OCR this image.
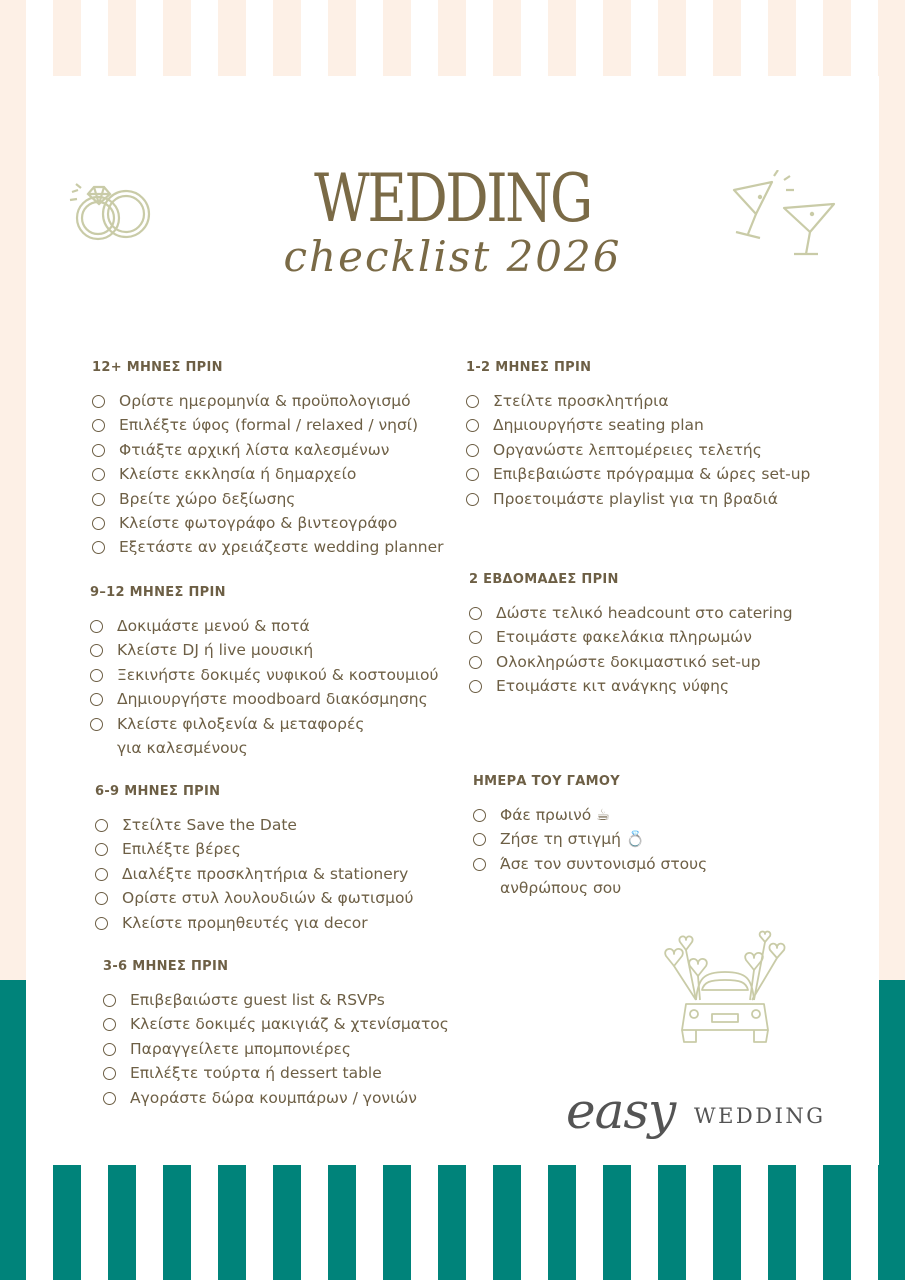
WEDDING
checklist 2026
12+ ΜΗΝΕΣ ΠΡΙΝ
Ορίστε ημερομηνία & προϋπολογισμό
Επιλέξτε ύφος (formal / relaxed / νησί)
Φτιάξτε αρχική λίστα καλεσμένων
Κλείστε εκκλησία ή δημαρχείο
Βρείτε χώρο δεξίωσης
Κλείστε φωτογράφο & βιντεογράφο
Εξετάστε αν χρειάζεστε wedding planner
9–12 ΜΗΝΕΣ ΠΡΙΝ
Δοκιμάστε μενού & ποτά
Κλείστε DJ ή live μουσική
Ξεκινήστε δοκιμές νυφικού & κοστουμιού
Δημιουργήστε moodboard διακόσμησης
Κλείστε φιλοξενία & μεταφορές για καλεσμένους
6-9 ΜΗΝΕΣ ΠΡΙΝ
Στείλτε Save the Date
Επιλέξτε βέρες
Διαλέξτε προσκλητήρια & stationery
Ορίστε στυλ λουλουδιών & φωτισμού
Κλείστε προμηθευτές για decor
3-6 ΜΗΝΕΣ ΠΡΙΝ
Επιβεβαιώστε guest list & RSVPs
Κλείστε δοκιμές μακιγιάζ & χτενίσματος
Παραγγείλετε μπομπονιέρες
Επιλέξτε τούρτα ή dessert table
Αγοράστε δώρα κουμπάρων / γονιών
1-2 ΜΗΝΕΣ ΠΡΙΝ
Στείλτε προσκλητήρια
Δημιουργήστε seating plan
Οργανώστε λεπτομέρειες τελετής
Επιβεβαιώστε πρόγραμμα & ώρες set-up
Προετοιμάστε playlist για τη βραδιά
2 ΕΒΔΟΜΑΔΕΣ ΠΡΙΝ
Δώστε τελικό headcount στο catering
Ετοιμάστε φακελάκια πληρωμών
Ολοκληρώστε δοκιμαστικό set-up
Ετοιμάστε κιτ ανάγκης νύφης
ΗΜΕΡΑ ΤΟΥ ΓΑΜΟΥ
Φάε πρωινό ☕
Ζήσε τη στιγμή 💍
Άσε τον συντονισμό στους ανθρώπους σου
easy WEDDING
